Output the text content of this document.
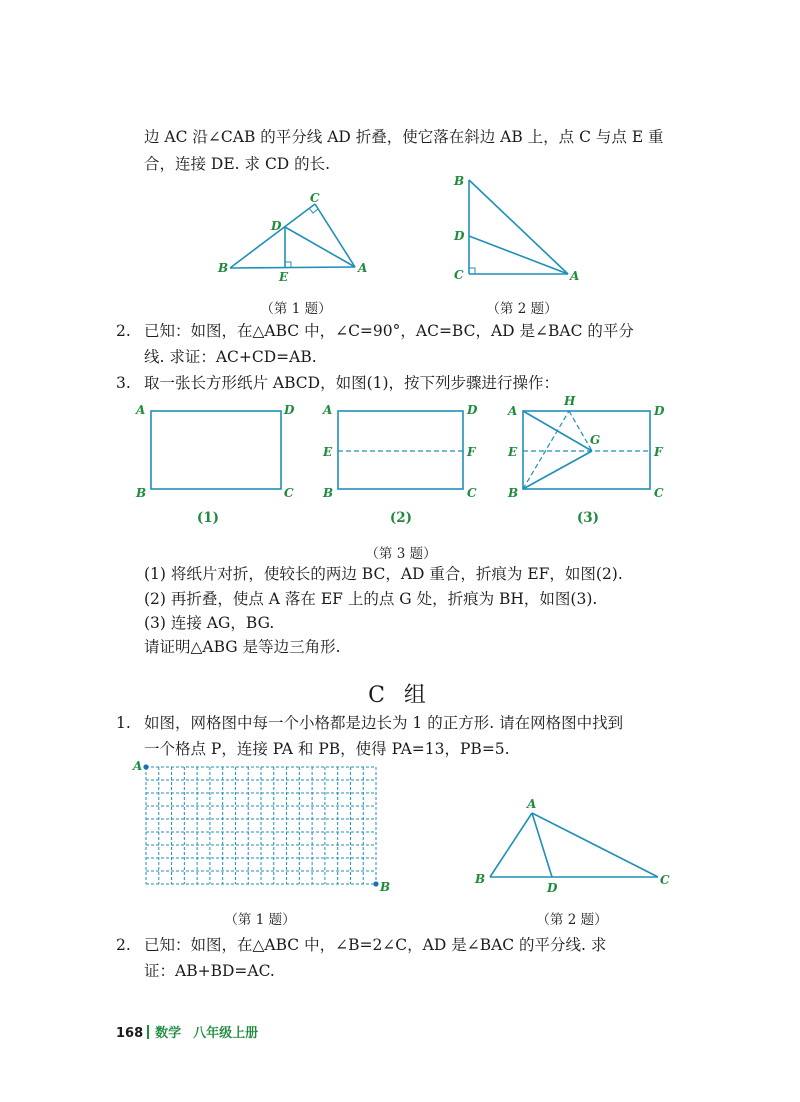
边 AC 沿∠CAB 的平分线 AD 折叠，使它落在斜边 AB 上，点 C 与点 E 重
合，连接 DE. 求 CD 的长.
C
D
B
E
A
（第 1 题）
B
D
C	A
（第 2 题）
2. 已知：如图，在△ABC 中，∠C=90°，AC=BC，AD 是∠BAC 的平分
线. 求证：AC+CD=AB.
3. 取一张长方形纸片 ABCD，如图(1)，按下列步骤进行操作：
A	D
B	C
(1)
A	D
E	F
B	C
(2)
A
H
D
G
E	F
B	C
(3)
（第 3 题）
(1) 将纸片对折，使较长的两边 BC，AD 重合，折痕为 EF，如图(2).
(2) 再折叠，使点 A 落在 EF 上的点 G 处，折痕为 BH，如图(3).
(3) 连接 AG，BG.
请证明△ABG 是等边三角形.
C 组
1. 如图，网格图中每一个小格都是边长为 1 的正方形. 请在网格图中找到
一个格点 P，连接 PA 和 PB，使得 PA=13，PB=5.
A
B
（第 1 题）
A
B
D
C
（第 2 题）
2. 已知：如图，在△ABC 中，∠B=2∠C，AD 是∠BAC 的平分线. 求
证：AB+BD=AC.
168 数学 八年级上册
